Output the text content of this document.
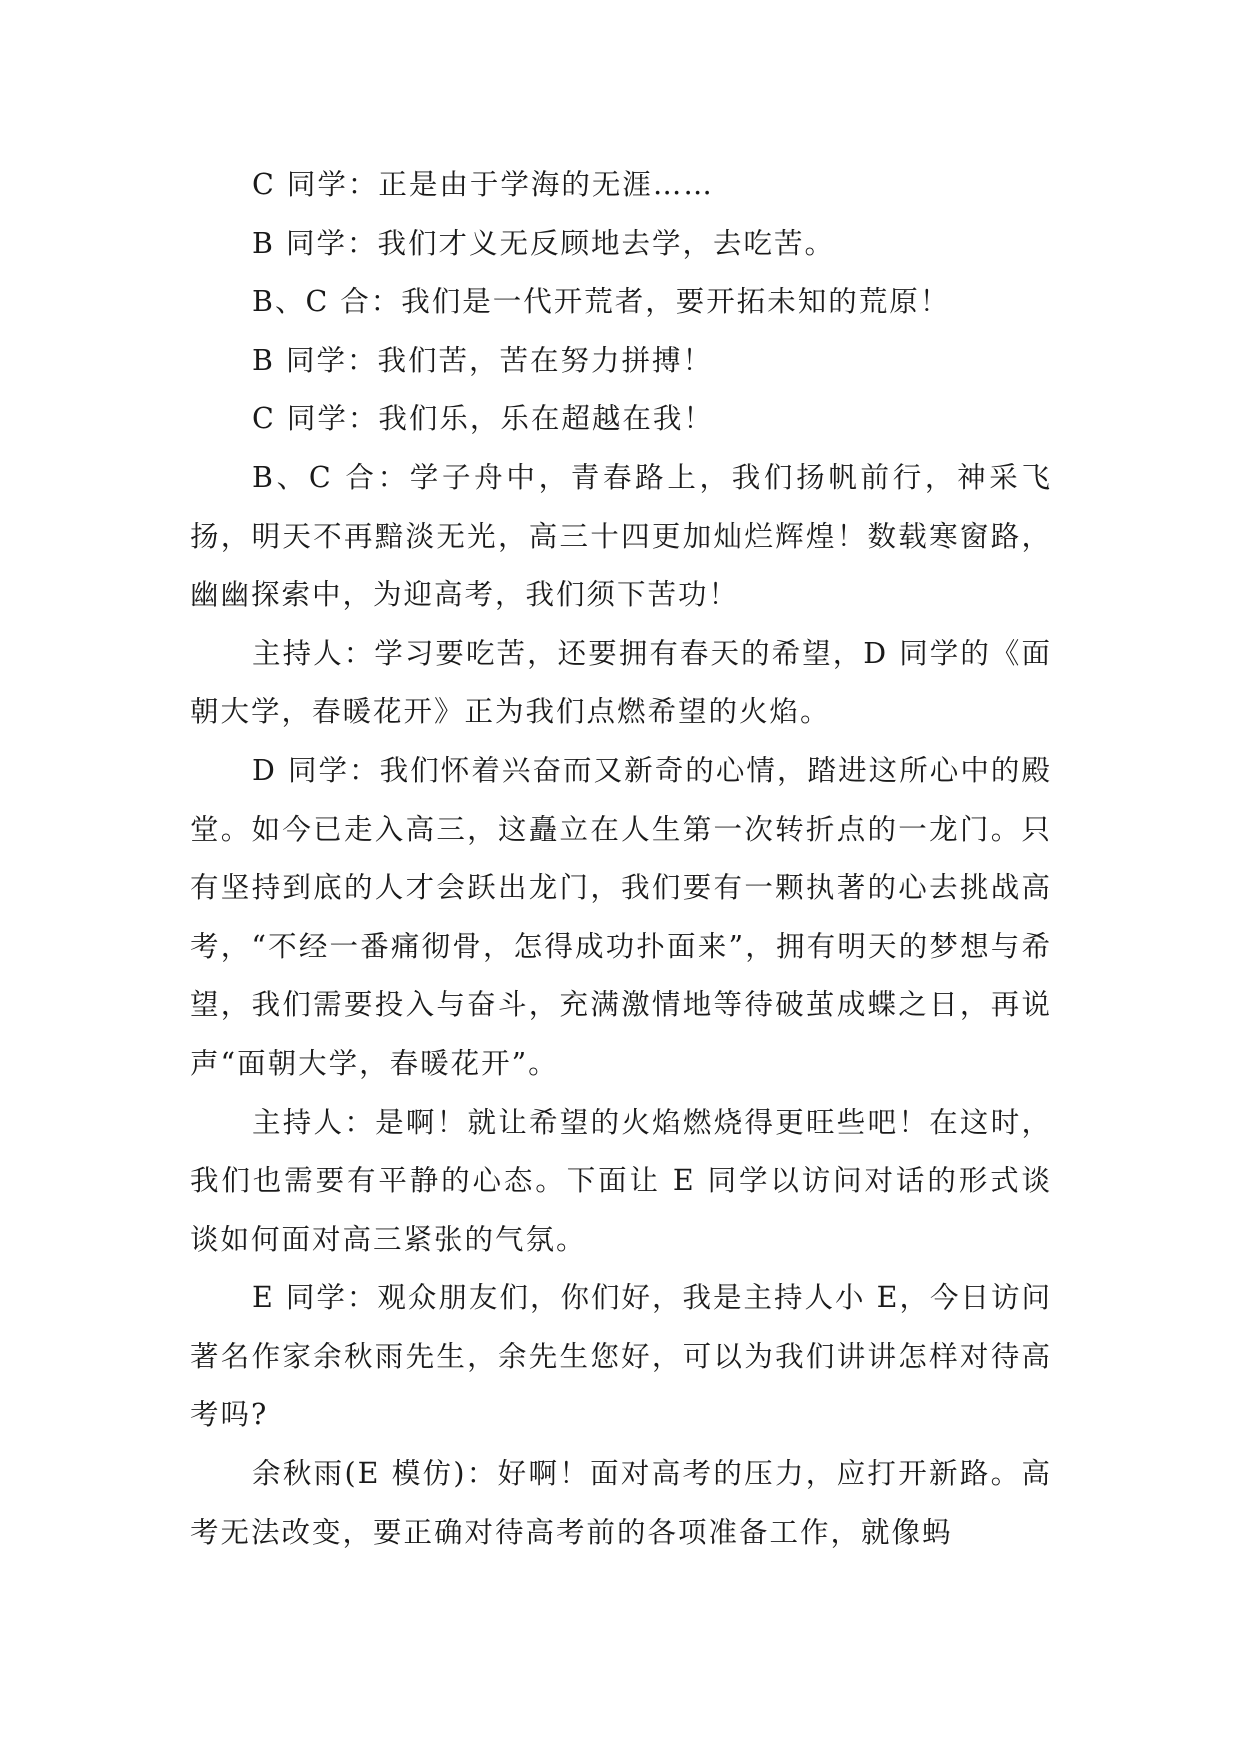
C 同学：正是由于学海的无涯……

B 同学：我们才义无反顾地去学，去吃苦。

B、C 合：我们是一代开荒者，要开拓未知的荒原！

B 同学：我们苦，苦在努力拼搏！

C 同学：我们乐，乐在超越在我！

B、C 合：学子舟中，青春路上，我们扬帆前行，神采飞扬，明天不再黯淡无光，高三十四更加灿烂辉煌！数载寒窗路，幽幽探索中，为迎高考，我们须下苦功！

主持人：学习要吃苦，还要拥有春天的希望，D 同学的《面朝大学，春暖花开》正为我们点燃希望的火焰。

D 同学：我们怀着兴奋而又新奇的心情，踏进这所心中的殿堂。如今已走入高三，这矗立在人生第一次转折点的一龙门。只有坚持到底的人才会跃出龙门，我们要有一颗执著的心去挑战高考，“不经一番痛彻骨，怎得成功扑面来”，拥有明天的梦想与希望，我们需要投入与奋斗，充满激情地等待破茧成蝶之日，再说声“面朝大学，春暖花开”。

主持人：是啊！就让希望的火焰燃烧得更旺些吧！在这时，我们也需要有平静的心态。下面让 E 同学以访问对话的形式谈谈如何面对高三紧张的气氛。

E 同学：观众朋友们，你们好，我是主持人小 E，今日访问著名作家余秋雨先生，余先生您好，可以为我们讲讲怎样对待高考吗?

余秋雨(E 模仿)：好啊！面对高考的压力，应打开新路。高考无法改变，要正确对待高考前的各项准备工作，就像蚂
